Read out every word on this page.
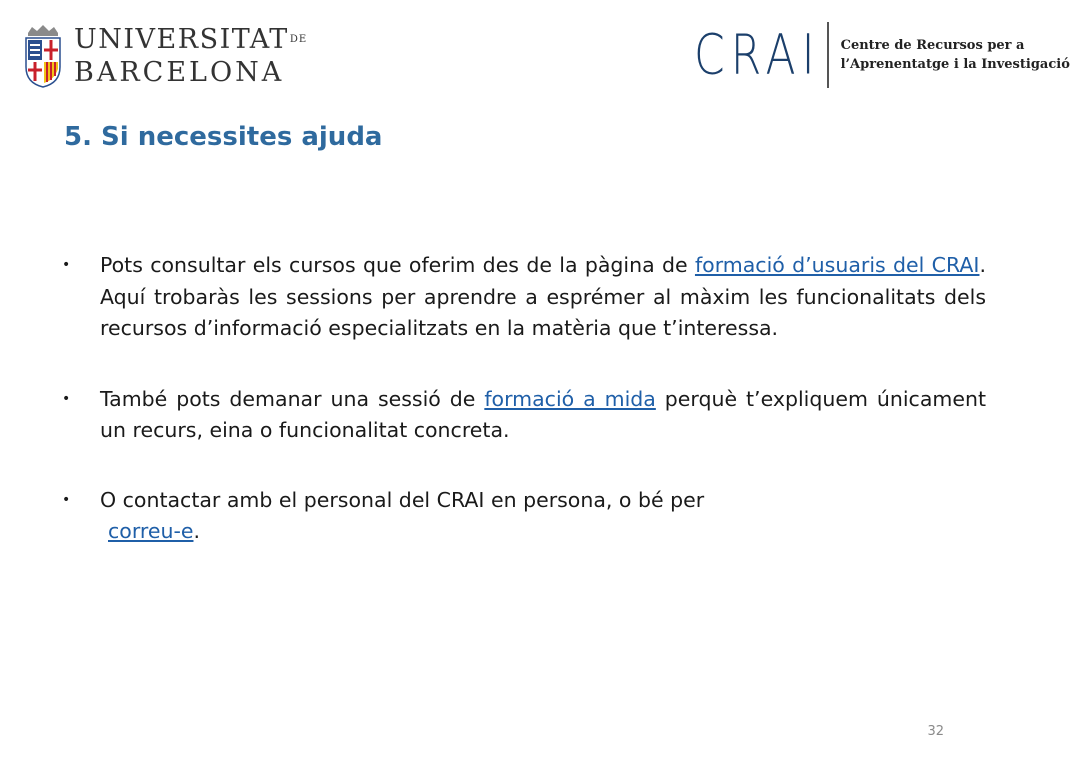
$UNIVERSITAT^{DE}$
BARCELONA	CRAI Centre de Recursos per a
l’Aprenentatge i la Investigació
5. Si necessites ajuda
•	Pots consultar els cursos que oferim des de la pàgina de formació d’usuaris del CRAI. Aquí trobaràs les sessions per aprendre a esprémer al màxim les funcionalitats dels recursos d’informació especialitzats en la matèria que t’interessa.
•	També pots demanar una sessió de formació a mida perquè t’expliquem únicament un recurs, eina o funcionalitat concreta.
•	O contactar amb el personal del CRAI en persona, o bé per
correu-e.
32
